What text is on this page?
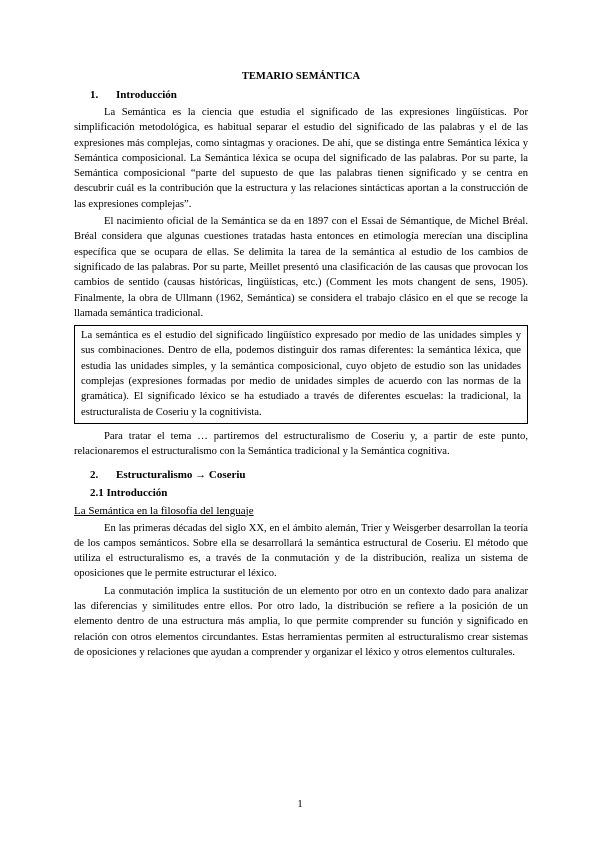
TEMARIO SEMÁNTICA
1. Introducción

La Semántica es la ciencia que estudia el significado de las expresiones lingüísticas. Por simplificación metodológica, es habitual separar el estudio del significado de las palabras y el de las expresiones más complejas, como sintagmas y oraciones. De ahí, que se distinga entre Semántica léxica y Semántica composicional. La Semántica léxica se ocupa del significado de las palabras. Por su parte, la Semántica composicional “parte del supuesto de que las palabras tienen significado y se centra en descubrir cuál es la contribución que la estructura y las relaciones sintácticas aportan a la construcción de las expresiones complejas”.

El nacimiento oficial de la Semántica se da en 1897 con el Essai de Sémantique, de Michel Bréal. Bréal considera que algunas cuestiones tratadas hasta entonces en etimología merecían una disciplina específica que se ocupara de ellas. Se delimita la tarea de la semántica al estudio de los cambios de significado de las palabras. Por su parte, Meillet presentó una clasificación de las causas que provocan los cambios de sentido (causas históricas, lingüísticas, etc.) (Comment les mots changent de sens, 1905). Finalmente, la obra de Ullmann (1962, Semántica) se considera el trabajo clásico en el que se recoge la llamada semántica tradicional.

La semántica es el estudio del significado lingüístico expresado por medio de las unidades simples y sus combinaciones. Dentro de ella, podemos distinguir dos ramas diferentes: la semántica léxica, que estudia las unidades simples, y la semántica composicional, cuyo objeto de estudio son las unidades complejas (expresiones formadas por medio de unidades simples de acuerdo con las normas de la gramática). El significado léxico se ha estudiado a través de diferentes escuelas: la tradicional, la estructuralista de Coseriu y la cognitivista.

Para tratar el tema … partiremos del estructuralismo de Coseriu y, a partir de este punto, relacionaremos el estructuralismo con la Semántica tradicional y la Semántica cognitiva.

2. Estructuralismo → Coseriu
2.1 Introducción
La Semántica en la filosofía del lenguaje

En las primeras décadas del siglo XX, en el ámbito alemán, Trier y Weisgerber desarrollan la teoría de los campos semánticos. Sobre ella se desarrollará la semántica estructural de Coseriu. El método que utiliza el estructuralismo es, a través de la conmutación y de la distribución, realiza un sistema de oposiciones que le permite estructurar el léxico.

La conmutación implica la sustitución de un elemento por otro en un contexto dado para analizar las diferencias y similitudes entre ellos. Por otro lado, la distribución se refiere a la posición de un elemento dentro de una estructura más amplia, lo que permite comprender su función y significado en relación con otros elementos circundantes. Estas herramientas permiten al estructuralismo crear sistemas de oposiciones y relaciones que ayudan a comprender y organizar el léxico y otros elementos culturales.

1
